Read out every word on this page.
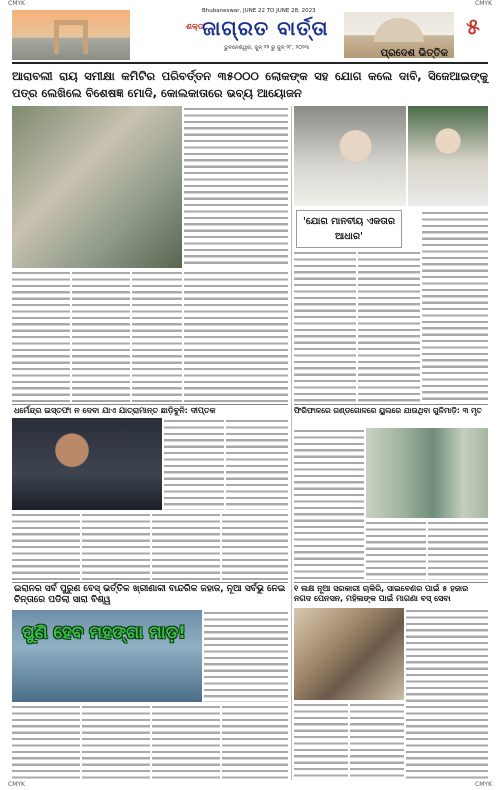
CMYK	CMYK
CMYK	CMYK
Bhubaneswar, JUNE 22 TO JUNE 28, 2023
ଶକ୍ତ
ଜାଗ୍ରତ ବାର୍ତ୍ତା
ଭୁବନେଶ୍ୱର, ଜୁନ୍ ୨୨ ରୁ ଜୁନ୍ ୨୮, ୨୦୨୩
୫
ପ୍ରଦେଶ ଭିତ୍ତିକ
ଆରାବଲୀ ରାୟ ସମୀକ୍ଷା କମିଟିର ପରିବର୍ତ୍ତନ ୩୫୦୦୦ ଲୋକଙ୍କ ସହ ଯୋଗ କଲେ ଦାବି, ସିଜେଆଇଙ୍କୁ ପତ୍ର ଲେଖିଲେ ବିଶେଷଜ୍ଞ ମୋଦି, କୋଲକାତାରେ ଭବ୍ୟ ଆୟୋଜନ
'ଯୋଗ ମାନବୀୟ ଏକତାର ଆଧାର'
ଧର୍ମେନ୍ଦ୍ର ଇସ୍ତଫା ନ ଦେବା ଯାଏ ଯାତ୍ରାମାନ୍ତ ଛାଡ଼ିବୁନି: ଦୀପ୍ତକ	ଫିରିଫାଳରେ ଗଣ୍ଡଗୋଳରେ ୟୁଲରେ ଯାଉଥିବା ଗୁଳିମାଡ଼ି: ୩ ମୃତ
ଇରାନର ସର୍ବ ପୁରୁଣ ବେସ୍ ଭର୍ତ୍ତିକ ଖ୍ରୀଣାକୀ ବାନ୍ଦରିକ ଜହାଜ, ନୂଆ ସର୍ବଭୁ ନେଇ ଚିନ୍ତାରେ ପଡିଲା ସାରା ବିଶ୍ୱ
ପୁଣି ହେବ ମହଙ୍ଗା ମାଡ଼!
୧ ଲକ୍ଷ ନୂଆ ସରକାରୀ ଚାକିରି, ସାଇବେଣର ପାଇଁ ୫ ହଜାର ନଗଦ ପେନସନ, ମହିଳାଙ୍କ ପାଇଁ ମାଗଣା ବସ୍ ସେବା
